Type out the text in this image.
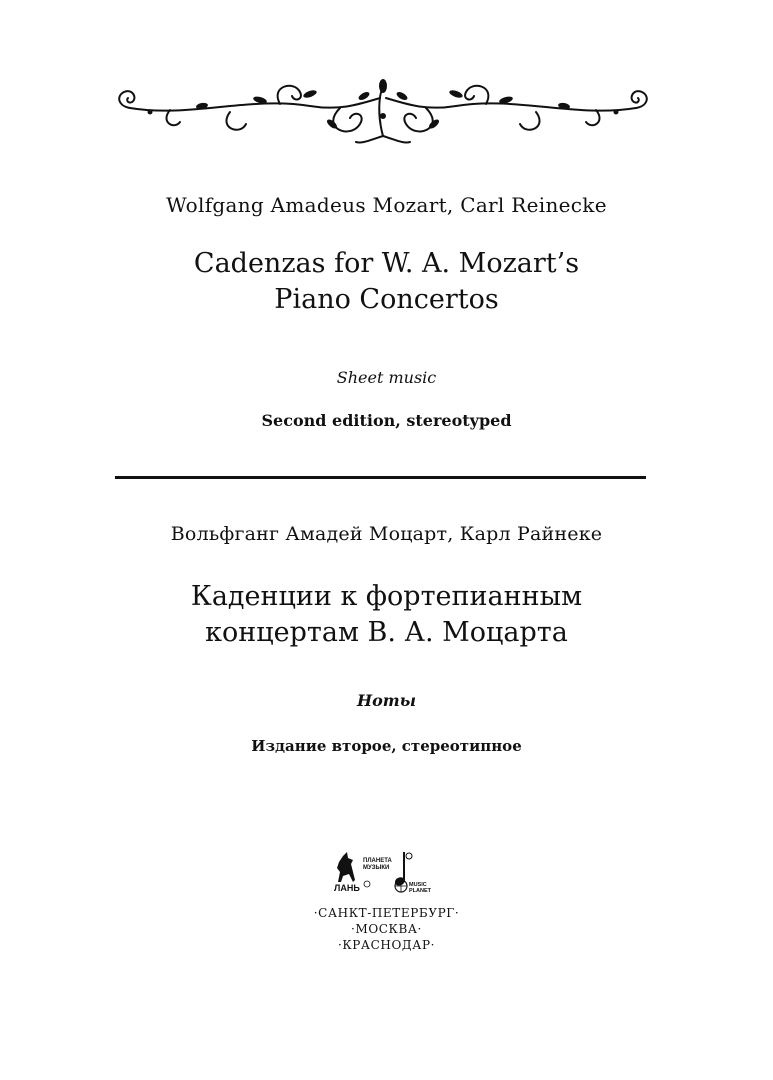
Wolfgang Amadeus Mozart, Carl Reinecke
Cadenzas for W. A. Mozart’s
Piano Concertos
Sheet music
Second edition, stereotyped
Вольфганг Амадей Моцарт, Карл Райнеке
Каденции к фортепианным
концертам В. А. Моцарта
Ноты
Издание второе, стереотипное
ЛАНЬ
ПЛАНЕТА МУЗЫКИ
MUSIC PLANET
·САНКТ-ПЕТЕРБУРГ·
·МОСКВА·
·КРАСНОДАР·
